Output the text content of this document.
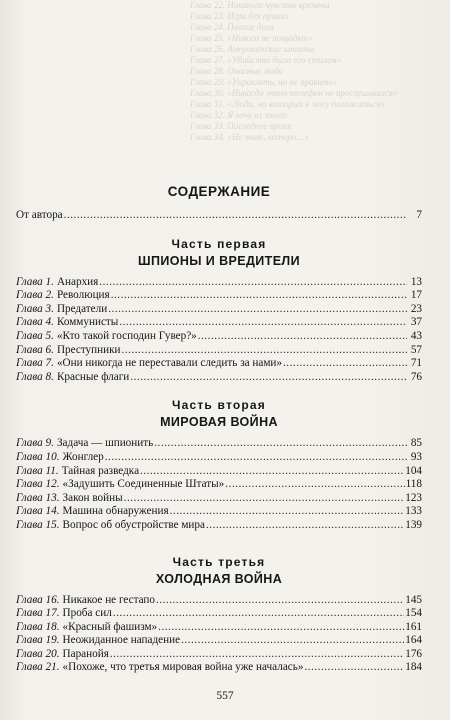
Глава 22. Никакого чувства времени
Глава 23. Игра без правил
Глава 24. Плохие дела
Глава 25. «Никого не пощадят»
Глава 26. Американские шпионы
Глава 27. «Убийство было его стилем»
Глава 28. Опасные люди
Глава 29. «Управлять, но не править»
Глава 30. «Никогда этот телефон не прослушивался»
Глава 31. «Люди, на которых я могу положиться»
Глава 32. Я хочу из этого
Глава 33. Последнее время
Глава 34. «Не знаю, которо…»
СОДЕРЖАНИЕ
От автора .....	7
Часть первая
ШПИОНЫ И ВРЕДИТЕЛИ
Глава 1. Анархия .....	13
Глава 2. Революция .....	17
Глава 3. Предатели .....	23
Глава 4. Коммунисты .....	37
Глава 5. «Кто такой господин Гувер?» .....	43
Глава 6. Преступники .....	57
Глава 7. «Они никогда не переставали следить за нами» .....	71
Глава 8. Красные флаги .....	76
Часть вторая
МИРОВАЯ ВОЙНА
Глава 9. Задача — шпионить .....	85
Глава 10. Жонглер .....	93
Глава 11. Тайная разведка .....	104
Глава 12. «Задушить Соединенные Штаты» .....	118
Глава 13. Закон войны .....	123
Глава 14. Машина обнаружения .....	133
Глава 15. Вопрос об обустройстве мира .....	139
Часть третья
ХОЛОДНАЯ ВОЙНА
Глава 16. Никакое не гестапо .....	145
Глава 17. Проба сил .....	154
Глава 18. «Красный фашизм» .....	161
Глава 19. Неожиданное нападение .....	164
Глава 20. Паранойя .....	176
Глава 21. «Похоже, что третья мировая война уже началась» .....	184
557
